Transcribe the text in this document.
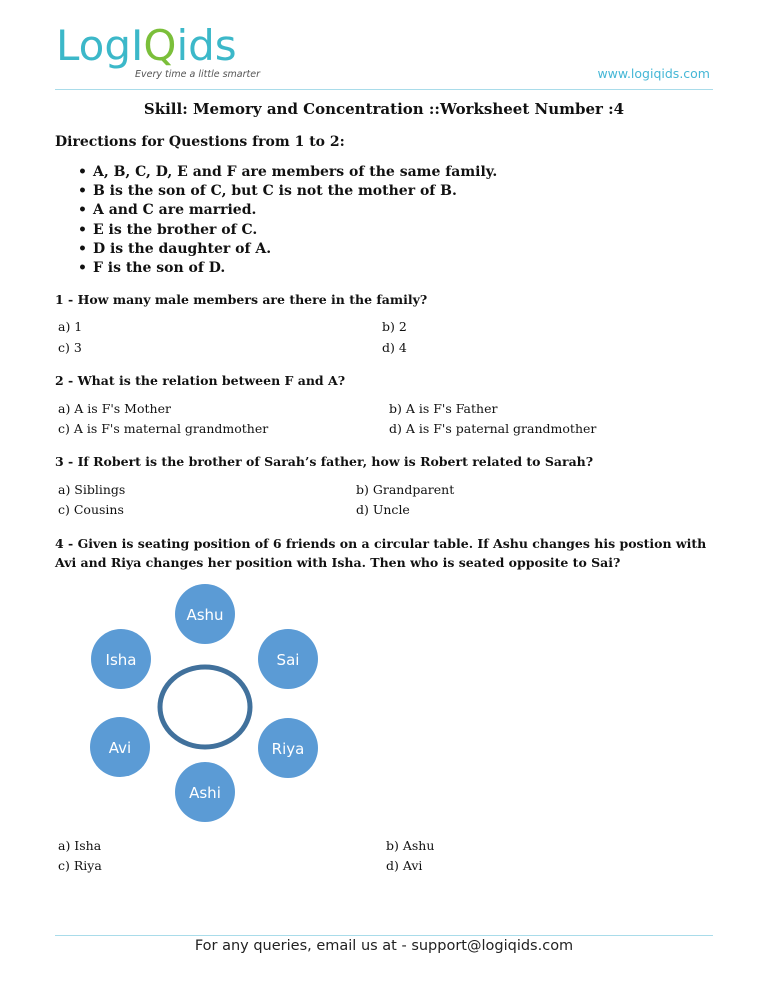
LogIQids
Every time a little smarter	www.logiqids.com
Skill: Memory and Concentration ::Worksheet Number :4
Directions for Questions from 1 to 2:
• A, B, C, D, E and F are members of the same family.
• B is the son of C, but C is not the mother of B.
• A and C are married.
• E is the brother of C.
• D is the daughter of A.
• F is the son of D.
1 - How many male members are there in the family?
a) 1	b) 2
c) 3	d) 4
2 - What is the relation between F and A?
a) A is F's Mother	b) A is F's Father
c) A is F's maternal grandmother	d) A is F's paternal grandmother
3 - If Robert is the brother of Sarah’s father, how is Robert related to Sarah?
a) Siblings	b) Grandparent
c) Cousins	d) Uncle
4 - Given is seating position of 6 friends on a circular table. If Ashu changes his postion with Avi and Riya changes her position with Isha. Then who is seated opposite to Sai?
Ashu
Sai
Riya
Ashi
Avi
Isha
a) Isha	b) Ashu
c) Riya	d) Avi
For any queries, email us at - support@logiqids.com
